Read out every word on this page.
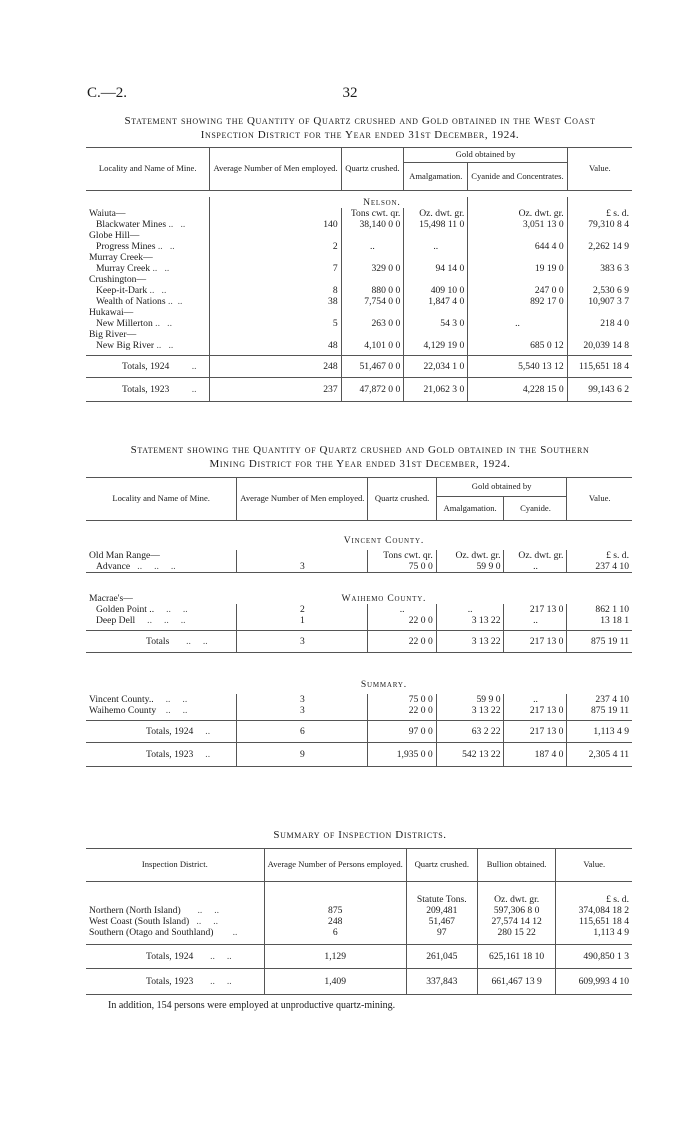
C.—2.	32
Statement showing the Quantity of Quartz crushed and Gold obtained in the West Coast
Inspection District for the Year ended 31st December, 1924.
Locality and Name of Mine.	Average Number of Men employed.	Quartz crushed.	Gold obtained by		Value.
			Amalgamation.	Cyanide and Concentrates.	

		Nelson.			
Waiuta—		Tons cwt. qr.	Oz. dwt. gr.	Oz. dwt. gr.	£ s. d.
Blackwater Mines ..   ..	140	38,140 0 0	15,498 11 0	3,051 13 0	79,310 8 4
Globe Hill—					
Progress Mines ..   ..	2	..	..	644 4 0	2,262 14 9
Murray Creek—					
Murray Creek ..   ..	7	329 0 0	94 14 0	19 19 0	383 6 3
Crushington—					
Keep-it-Dark ..   ..	8	880 0 0	409 10 0	247 0 0	2,530 6 9
Wealth of Nations ..  ..	38	7,754 0 0	1,847 4 0	892 17 0	10,907 3 7
Hukawai—					
New Millerton ..   ..	5	263 0 0	54 3 0	..	218 4 0
Big River—					
New Big River ..   ..	48	4,101 0 0	4,129 19 0	685 0 12	20,039 14 8
Totals, 1924 ..	248	51,467 0 0	22,034 1 0	5,540 13 12	115,651 18 4
Totals, 1923 ..	237	47,872 0 0	21,062 3 0	4,228 15 0	99,143 6 2
Statement showing the Quantity of Quartz crushed and Gold obtained in the Southern
Mining District for the Year ended 31st December, 1924.
Locality and Name of Mine.	Average Number of Men employed.	Quartz crushed.	Gold obtained by		Value.
			Amalgamation.	Cyanide.	

	Vincent County.				

Old Man Range—		Tons cwt. qr.	Oz. dwt. gr.	Oz. dwt. gr.	£ s. d.
Advance   ..     ..     ..	3	75 0 0	59 9 0	..	237 4 10

Macrae's—	Waihemo County.				
Golden Point ..     ..     ..	2	..	..	217 13 0	862 1 10
Deep Dell     ..     ..     ..	1	22 0 0	3 13 22	..	13 18 1
Totals       ..     ..	3	22 0 0	3 13 22	217 13 0	875 19 11

	Summary.				

Vincent County..     ..     ..	3	75 0 0	59 9 0	..	237 4 10
Waihemo County    ..     ..	3	22 0 0	3 13 22	217 13 0	875 19 11
Totals, 1924     ..	6	97 0 0	63 2 22	217 13 0	1,113 4 9
Totals, 1923     ..	9	1,935 0 0	542 13 22	187 4 0	2,305 4 11
Summary of Inspection Districts.
Inspection District.	Average Number of Persons employed.	Quartz crushed.	Bullion obtained.	Value.

		Statute Tons.	Oz. dwt. gr.	£ s. d.
Northern (North Island)       ..     ..	875	209,481	597,306 8 0	374,084 18 2
West Coast (South Island)   ..     ..	248	51,467	27,574 14 12	115,651 18 4
Southern (Otago and Southland)        ..	6	97	280 15 22	1,113 4 9
Totals, 1924       ..     ..	1,129	261,045	625,161 18 10	490,850 1 3
Totals, 1923       ..     ..	1,409	337,843	661,467 13 9	609,993 4 10
In addition, 154 persons were employed at unproductive quartz-mining.
